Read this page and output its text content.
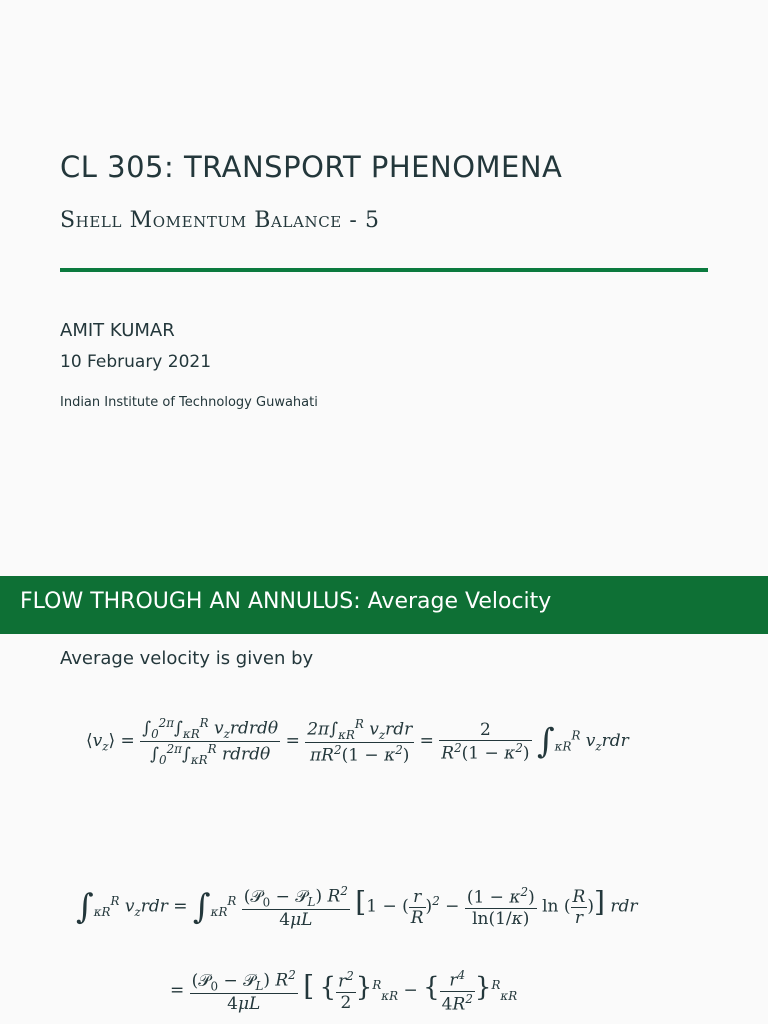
CL 305: TRANSPORT PHENOMENA
Shell Momentum Balance - 5
AMIT KUMAR
10 February 2021
Indian Institute of Technology Guwahati
FLOW THROUGH AN ANNULUS: Average Velocity
Average velocity is given by
$⟨v_z⟩ = \frac{\int_0^{2\pi}\int_{\kappa R}^R v_zrdrd\theta}{\int_0^{2\pi}\int_{\kappa R}^R rdrd\theta} = \frac{2\pi\int_{\kappa R}^R v_zrdr}{\pi R^2(1 - \kappa^2)} = \frac{2}{R^2(1 - \kappa^2)} \int_{\kappa R}^R$ $v_zrdr$
$\int_{\kappa R}^R$ $v_zrdr = \int_{\kappa R}^R \frac{(𝒫_0 - 𝒫_L) R^2}{4\mu L} [1$ − ( $\frac{r}{R} )^2 - \frac{(1 - \kappa^2)}{\ln(1/\kappa)}$ ln ( $\frac{R}{r}$ )] rdr
= $\frac{(𝒫_0 - 𝒫_L) R^2}{4\mu L}$ [ { $\frac{r^2}{2} \}^R_{\kappa R}$ − { $\frac{r^4}{4R^2} \}^R_{\kappa R}$
